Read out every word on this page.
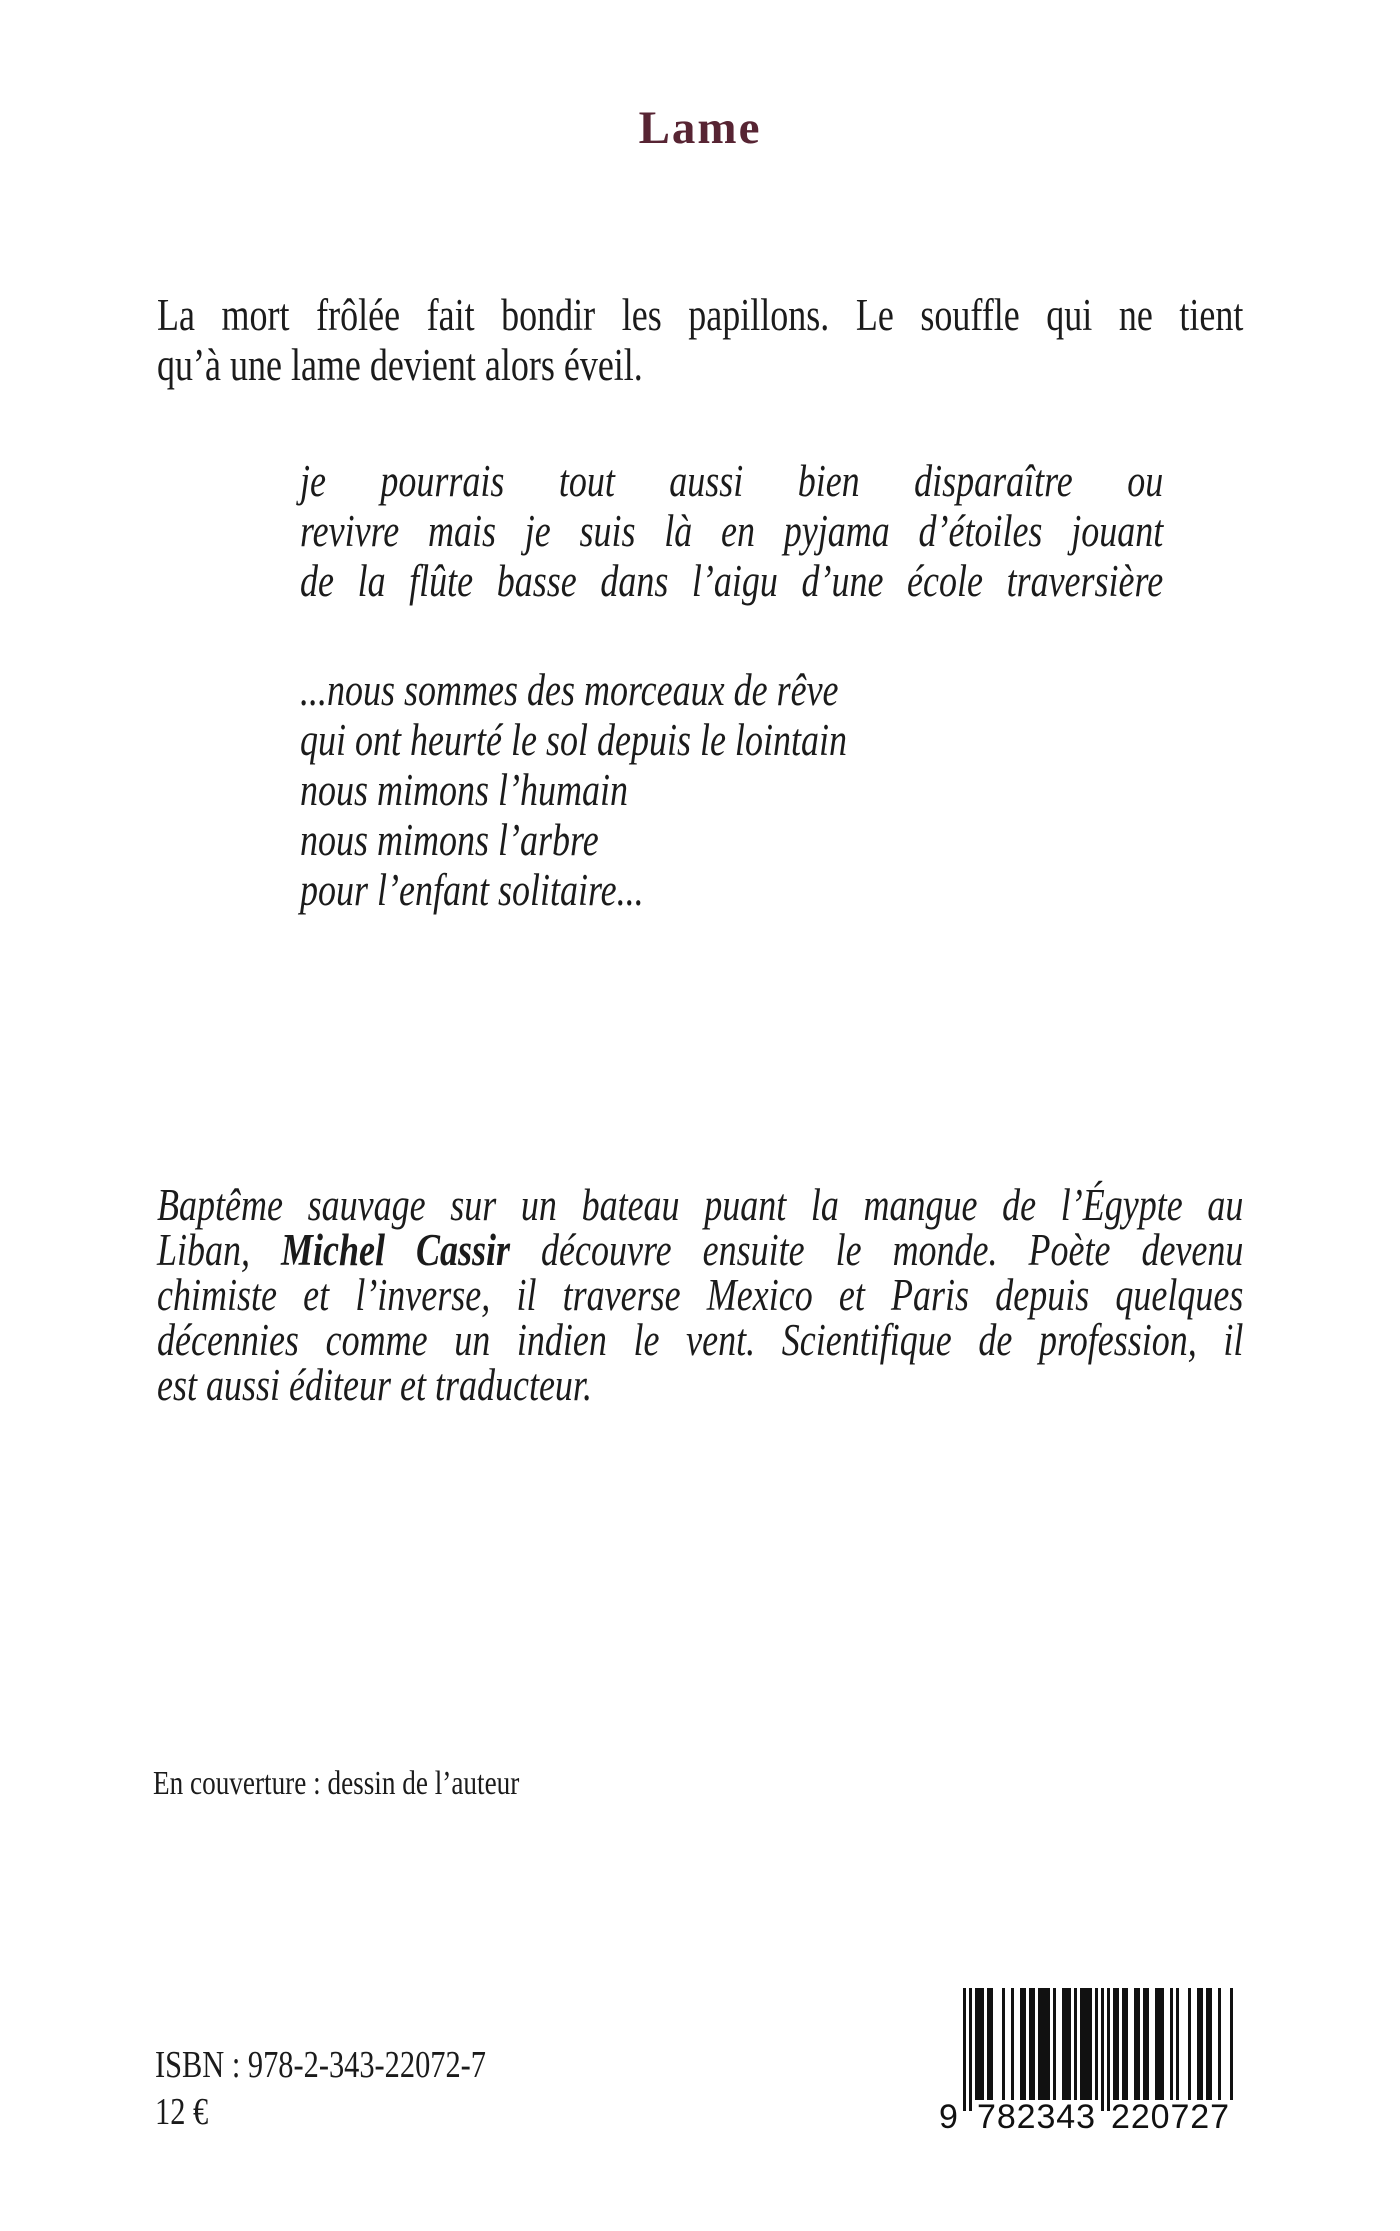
Lame
La mort frôlée fait bondir les papillons. Le souffle qui ne tient
qu’à une lame devient alors éveil.
je pourrais tout aussi bien disparaître ou
revivre mais je suis là en pyjama d’étoiles jouant
de la flûte basse dans l’aigu d’une école traversière
...nous sommes des morceaux de rêve
qui ont heurté le sol depuis le lointain
nous mimons l’humain
nous mimons l’arbre
pour l’enfant solitaire...
Baptême sauvage sur un bateau puant la mangue de l’Égypte au
Liban, Michel Cassir découvre ensuite le monde. Poète devenu
chimiste et l’inverse, il traverse Mexico et Paris depuis quelques
décennies comme un indien le vent. Scientifique de profession, il
est aussi éditeur et traducteur.
En couverture : dessin de l’auteur
ISBN : 978-2-343-22072-7
12 €	9 782343 220727
